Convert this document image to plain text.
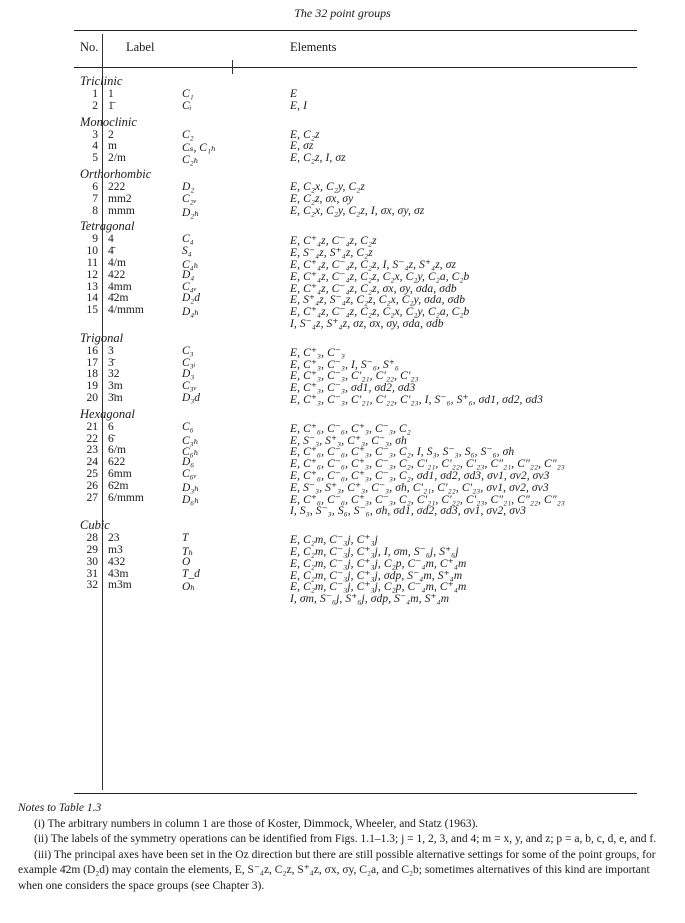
The 32 point groups
No. Label	Elements
Triclinic
1 1	C₁	E
2 1̄	Cᵢ	E, I
Monoclinic
3 2	C₂	E, C₂z
4 m	Cₛ, C₁ₕ	E, σz
5 2/m	C₂ₕ	E, C₂z, I, σz
Orthorhombic
6 222	D₂	E, C₂x, C₂y, C₂z
7 mm2	C₂ᵥ	E, C₂z, σx, σy
8 mmm	D₂ₕ	E, C₂x, C₂y, C₂z, I, σx, σy, σz
Tetragonal
9 4	C₄	E, C⁺₄z, C⁻₄z, C₂z
10 4̄	S₄	E, S⁻₄z, S⁺₄z, C₂z
11 4/m	C₄ₕ	E, C⁺₄z, C⁻₄z, C₂z, I, S⁻₄z, S⁺₄z, σz
12 422	D₄	E, C⁺₄z, C⁻₄z, C₂z, C₂x, C₂y, C₂a, C₂b
13 4mm	C₄ᵥ	E, C⁺₄z, C⁻₄z, C₂z, σx, σy, σda, σdb
14 4̄2m	D₂d	E, S⁺₄z, S⁻₄z, C₂z, C₂x, C₂y, σda, σdb
15 4/mmm	D₄ₕ	E, C⁺₄z, C⁻₄z, C₂z, C₂x, C₂y, C₂a, C₂b
I, S⁻₄z, S⁺₄z, σz, σx, σy, σda, σdb
Trigonal
16 3	C₃	E, C⁺₃, C⁻₃
17 3̄	C₃ᵢ	E, C⁺₃, C⁻₃, I, S⁻₆, S⁺₆
18 32	D₃	E, C⁺₃, C⁻₃, C′₂₁, C′₂₂, C′₂₃
19 3m	C₃ᵥ	E, C⁺₃, C⁻₃, σd1, σd2, σd3
20 3̄m	D₃d	E, C⁺₃, C⁻₃, C′₂₁, C′₂₂, C′₂₃, I, S⁻₆, S⁺₆, σd1, σd2, σd3
Hexagonal
21 6	C₆	E, C⁺₆, C⁻₆, C⁺₃, C⁻₃, C₂
22 6̄	C₃ₕ	E, S⁻₃, S⁺₃, C⁺₃, C⁻₃, σh
23 6/m	C₆ₕ	E, C⁺₆, C⁻₆, C⁺₃, C⁻₃, C₂, I, S₃, S⁻₃, S₆, S⁻₆, σh
24 622	D₆	E, C⁺₆, C⁻₆, C⁺₃, C⁻₃, C₂, C′₂₁, C′₂₂, C′₂₃, C″₂₁, C″₂₂, C″₂₃
25 6mm	C₆ᵥ	E, C⁺₆, C⁻₆, C⁺₃, C⁻₃, C₂, σd1, σd2, σd3, σv1, σv2, σv3
26 6̄2m	D₃ₕ	E, S⁻₃, S⁺₃, C⁺₃, C⁻₃, σh, C′₂₁, C′₂₂, C′₂₃, σv1, σv2, σv3
27 6/mmm	D₆ₕ	E, C⁺₆, C⁻₆, C⁺₃, C⁻₃, C₂, C′₂₁, C′₂₂, C′₂₃, C″₂₁, C″₂₂, C″₂₃
I, S₃, S⁻₃, S₆, S⁻₆, σh, σd1, σd2, σd3, σv1, σv2, σv3
Cubic
28 23	T	E, C₂m, C⁻₃j, C⁺₃j
29 m3	Tₕ	E, C₂m, C⁻₃j, C⁺₃j, I, σm, S⁻₆j, S⁺₆j
30 432	O	E, C₂m, C⁻₃j, C⁺₃j, C₂p, C⁻₄m, C⁺₄m
31 43m	T_d	E, C₂m, C⁻₃j, C⁺₃j, σdp, S⁻₄m, S⁺₄m
32 m3m	Oₕ	E, C₂m, C⁻₃j, C⁺₃j, C₂p, C⁻₄m, C⁺₄m
I, σm, S⁻₆j, S⁺₆j, σdp, S⁻₄m, S⁺₄m

Notes to Table 1.3

(i) The arbitrary numbers in column 1 are those of Koster, Dimmock, Wheeler, and Statz (1963).

(ii) The labels of the symmetry operations can be identified from Figs. 1.1–1.3; j = 1, 2, 3, and 4; m = x, y, and z; p = a, b, c, d, e, and f.

(iii) The principal axes have been set in the Oz direction but there are still possible alternative settings for some of the point groups, for example 4̄2m (D₂d) may contain the elements, E, S⁻₄z, C₂z, S⁺₄z, σx, σy, C₂a, and C₂b; sometimes alternatives of this kind are important when one considers the space groups (see Chapter 3).
